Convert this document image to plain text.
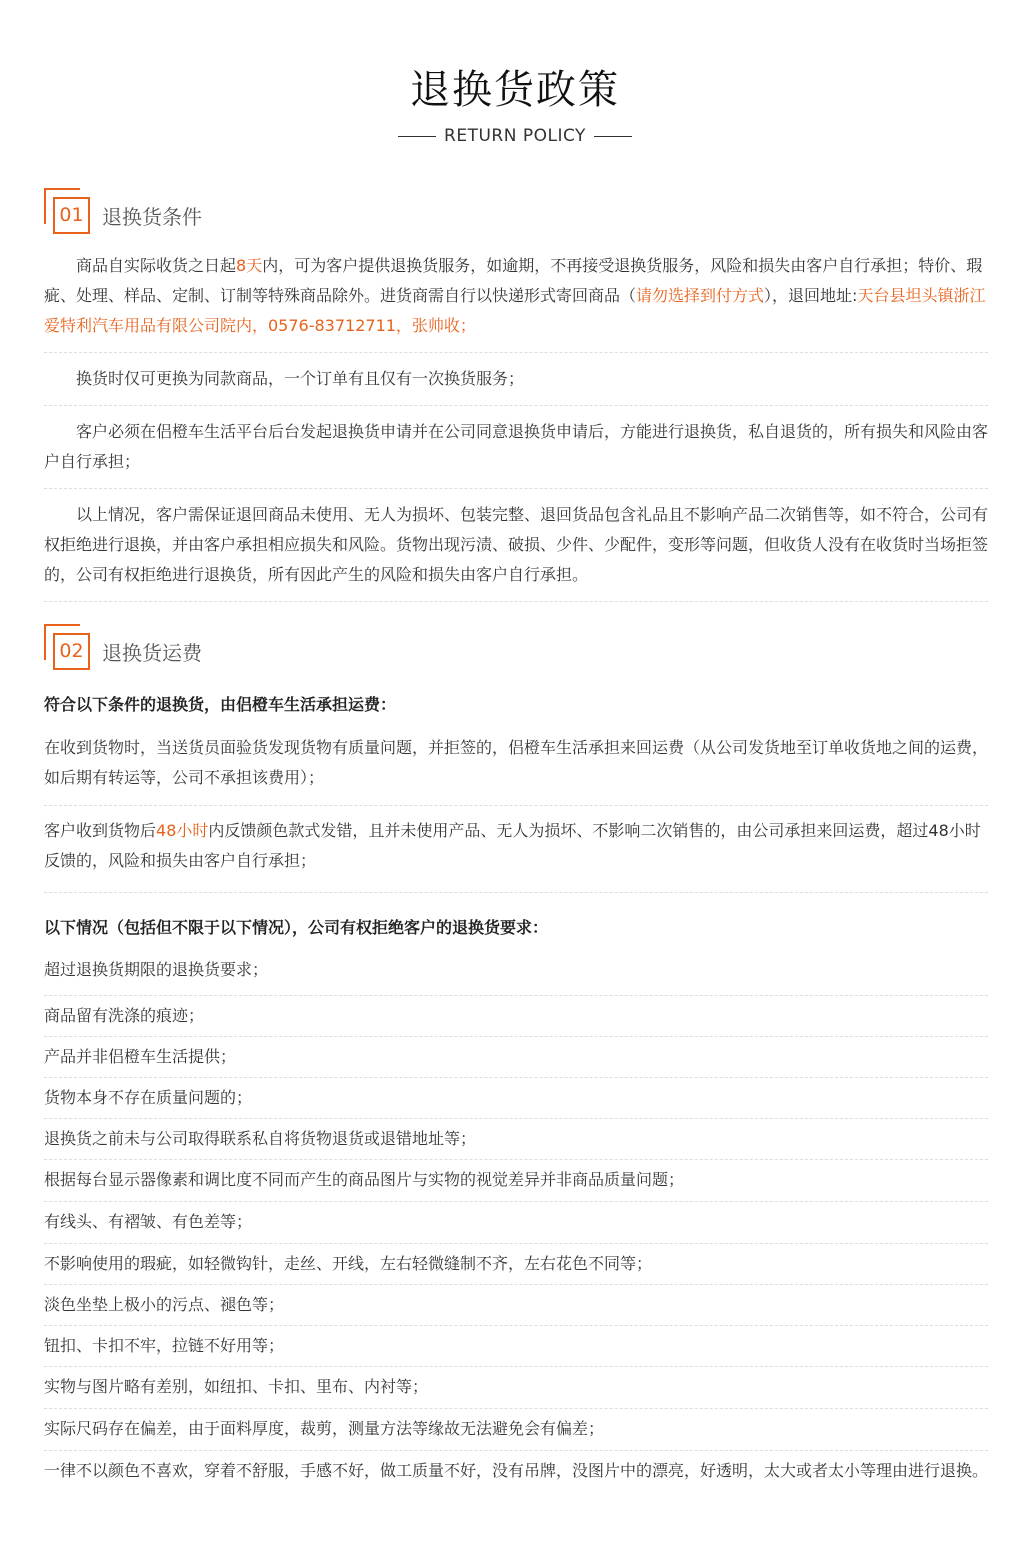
退换货政策
RETURN POLICY
01 退换货条件
商品自实际收货之日起8天内，可为客户提供退换货服务，如逾期，不再接受退换货服务，风险和损失由客户自行承担；特价、瑕疵、处理、样品、定制、订制等特殊商品除外。进货商需自行以快递形式寄回商品（请勿选择到付方式），退回地址:天台县坦头镇浙江爱特利汽车用品有限公司院内，0576-83712711，张帅收；
换货时仅可更换为同款商品，一个订单有且仅有一次换货服务；
客户必须在侣橙车生活平台后台发起退换货申请并在公司同意退换货申请后，方能进行退换货，私自退货的，所有损失和风险由客户自行承担；
以上情况，客户需保证退回商品未使用、无人为损坏、包装完整、退回货品包含礼品且不影响产品二次销售等，如不符合，公司有权拒绝进行退换，并由客户承担相应损失和风险。货物出现污渍、破损、少件、少配件，变形等问题，但收货人没有在收货时当场拒签的，公司有权拒绝进行退换货，所有因此产生的风险和损失由客户自行承担。
02 退换货运费
符合以下条件的退换货，由侣橙车生活承担运费：
在收到货物时，当送货员面验货发现货物有质量问题，并拒签的，侣橙车生活承担来回运费（从公司发货地至订单收货地之间的运费，如后期有转运等，公司不承担该费用）；
客户收到货物后48小时内反馈颜色款式发错，且并未使用产品、无人为损坏、不影响二次销售的，由公司承担来回运费，超过48小时反馈的，风险和损失由客户自行承担；
以下情况（包括但不限于以下情况），公司有权拒绝客户的退换货要求：
超过退换货期限的退换货要求；
商品留有洗涤的痕迹；
产品并非侣橙车生活提供；
货物本身不存在质量问题的；
退换货之前未与公司取得联系私自将货物退货或退错地址等；
根据每台显示器像素和调比度不同而产生的商品图片与实物的视觉差异并非商品质量问题；
有线头、有褶皱、有色差等；
不影响使用的瑕疵，如轻微钩针，走丝、开线，左右轻微缝制不齐，左右花色不同等；
淡色坐垫上极小的污点、褪色等；
钮扣、卡扣不牢，拉链不好用等；
实物与图片略有差别，如纽扣、卡扣、里布、内衬等；
实际尺码存在偏差，由于面料厚度，裁剪，测量方法等缘故无法避免会有偏差；
一律不以颜色不喜欢，穿着不舒服，手感不好，做工质量不好，没有吊牌，没图片中的漂亮，好透明，太大或者太小等理由进行退换。
